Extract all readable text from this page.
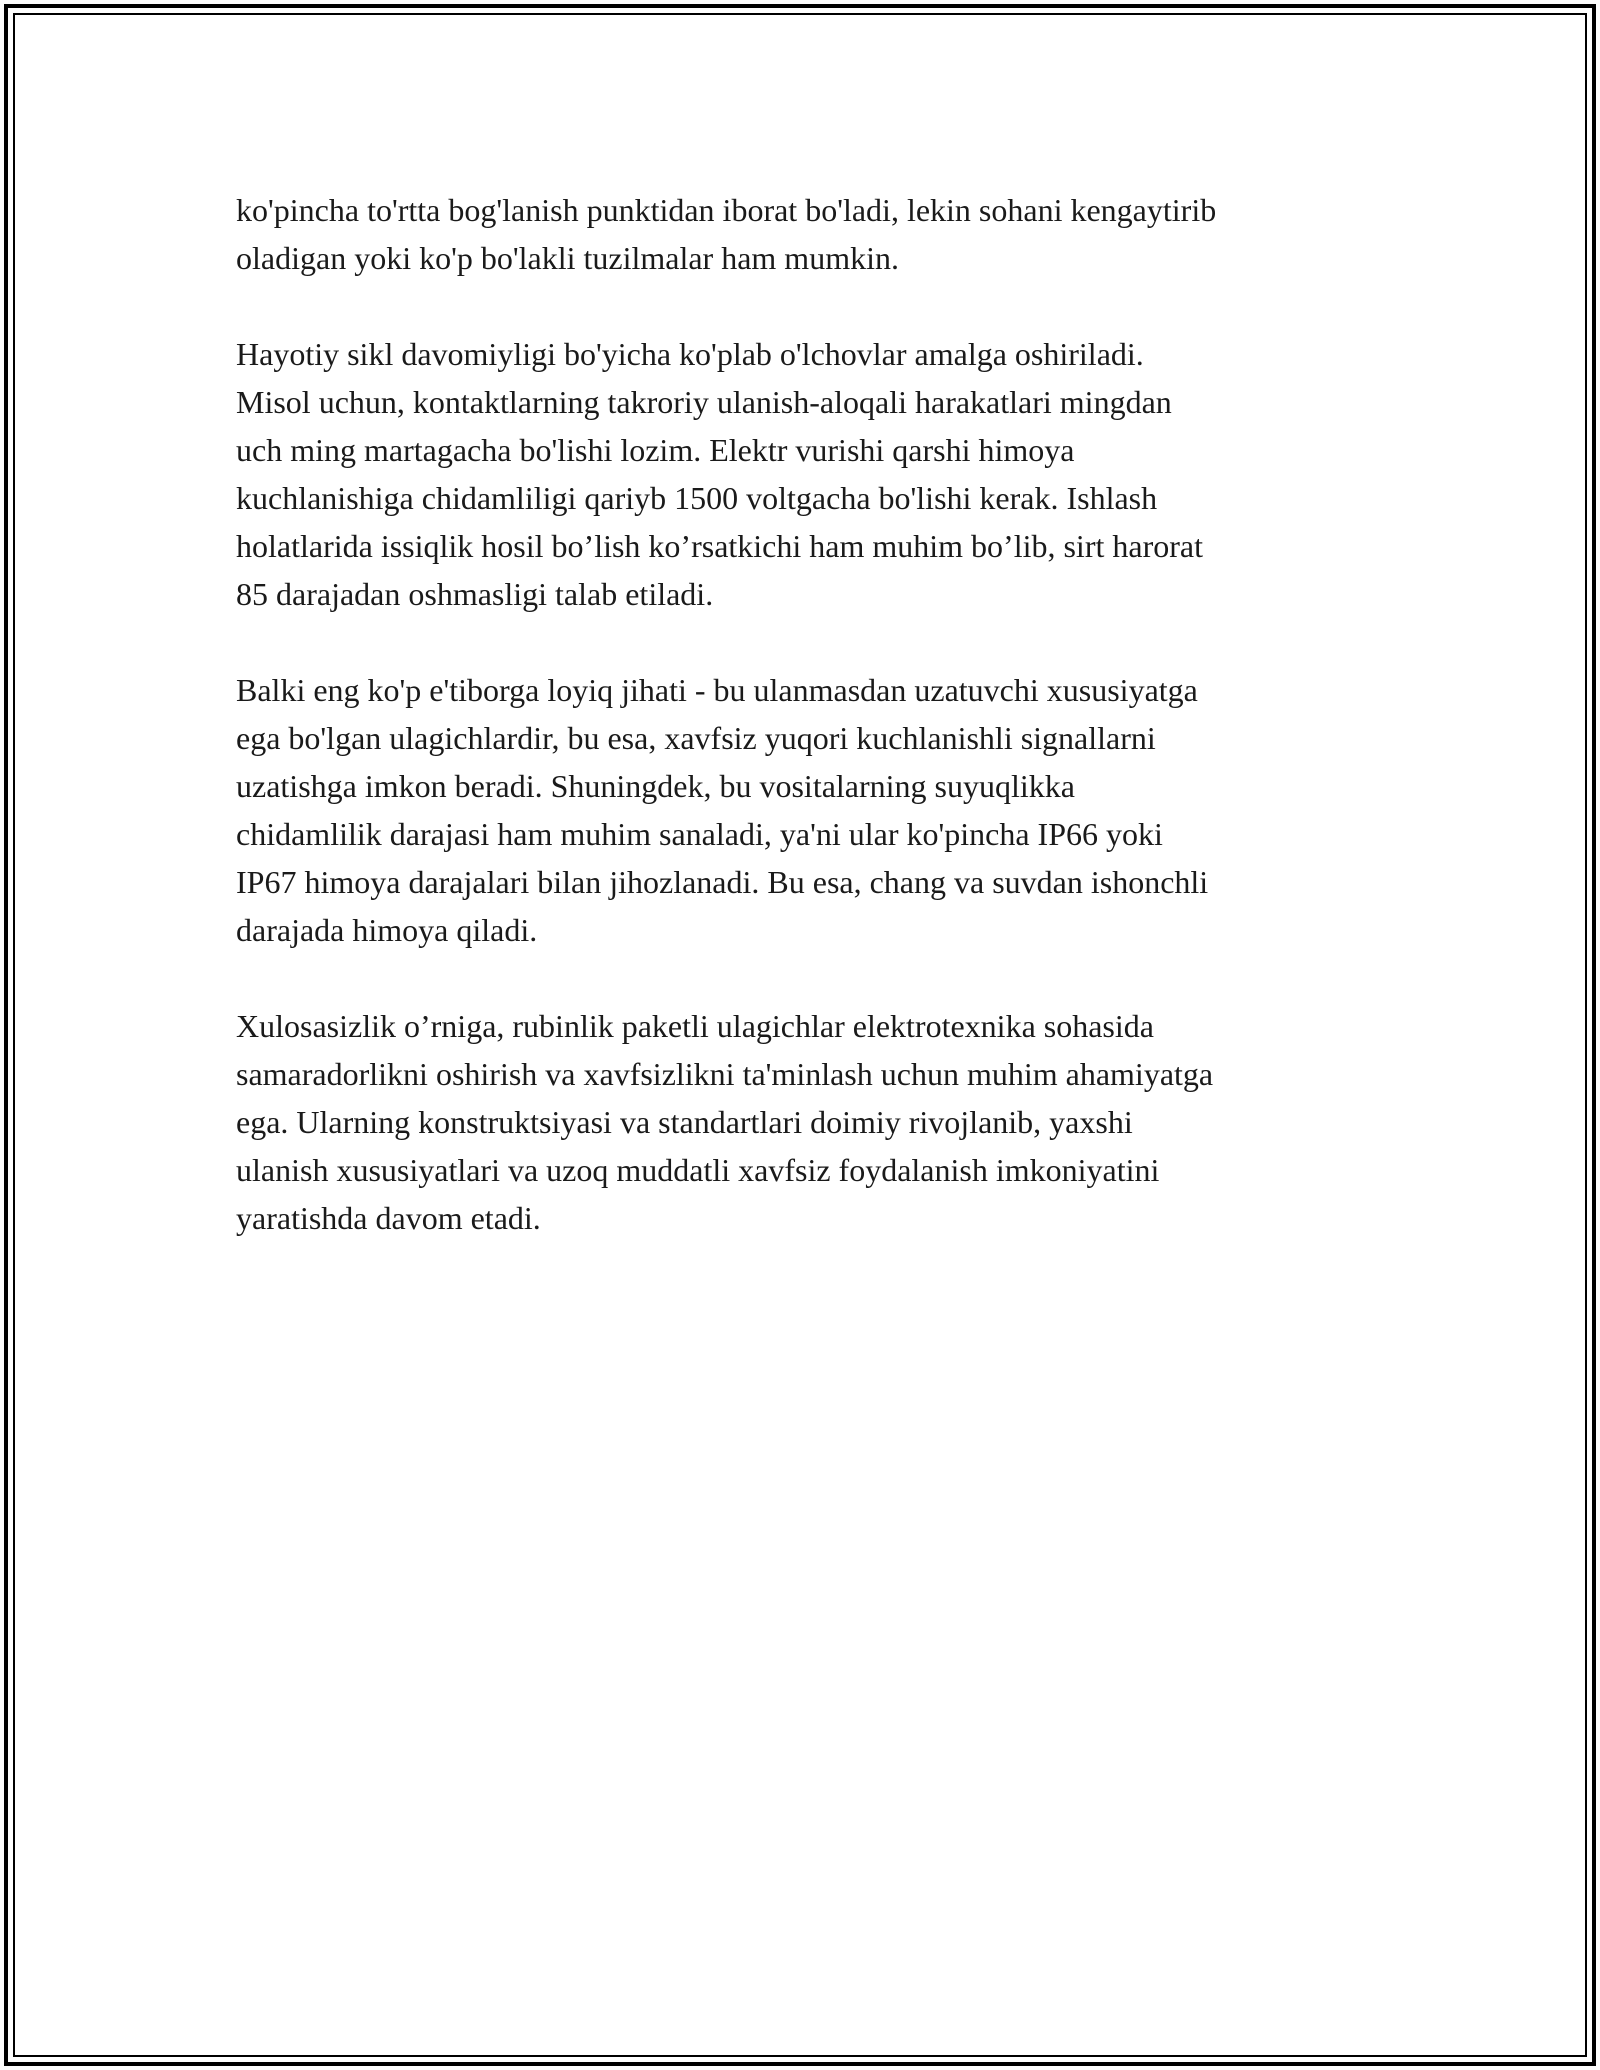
ko'pincha to'rtta bog'lanish punktidan iborat bo'ladi, lekin sohani kengaytirib
oladigan yoki ko'p bo'lakli tuzilmalar ham mumkin.

Hayotiy sikl davomiyligi bo'yicha ko'plab o'lchovlar amalga oshiriladi.
Misol uchun, kontaktlarning takroriy ulanish-aloqali harakatlari mingdan
uch ming martagacha bo'lishi lozim. Elektr vurishi qarshi himoya
kuchlanishiga chidamliligi qariyb 1500 voltgacha bo'lishi kerak. Ishlash
holatlarida issiqlik hosil bo’lish ko’rsatkichi ham muhim bo’lib, sirt harorat
85 darajadan oshmasligi talab etiladi.

Balki eng ko'p e'tiborga loyiq jihati - bu ulanmasdan uzatuvchi xususiyatga
ega bo'lgan ulagichlardir, bu esa, xavfsiz yuqori kuchlanishli signallarni
uzatishga imkon beradi. Shuningdek, bu vositalarning suyuqlikka
chidamlilik darajasi ham muhim sanaladi, ya'ni ular ko'pincha IP66 yoki
IP67 himoya darajalari bilan jihozlanadi. Bu esa, chang va suvdan ishonchli
darajada himoya qiladi.

Xulosasizlik o’rniga, rubinlik paketli ulagichlar elektrotexnika sohasida
samaradorlikni oshirish va xavfsizlikni ta'minlash uchun muhim ahamiyatga
ega. Ularning konstruktsiyasi va standartlari doimiy rivojlanib, yaxshi
ulanish xususiyatlari va uzoq muddatli xavfsiz foydalanish imkoniyatini
yaratishda davom etadi.
